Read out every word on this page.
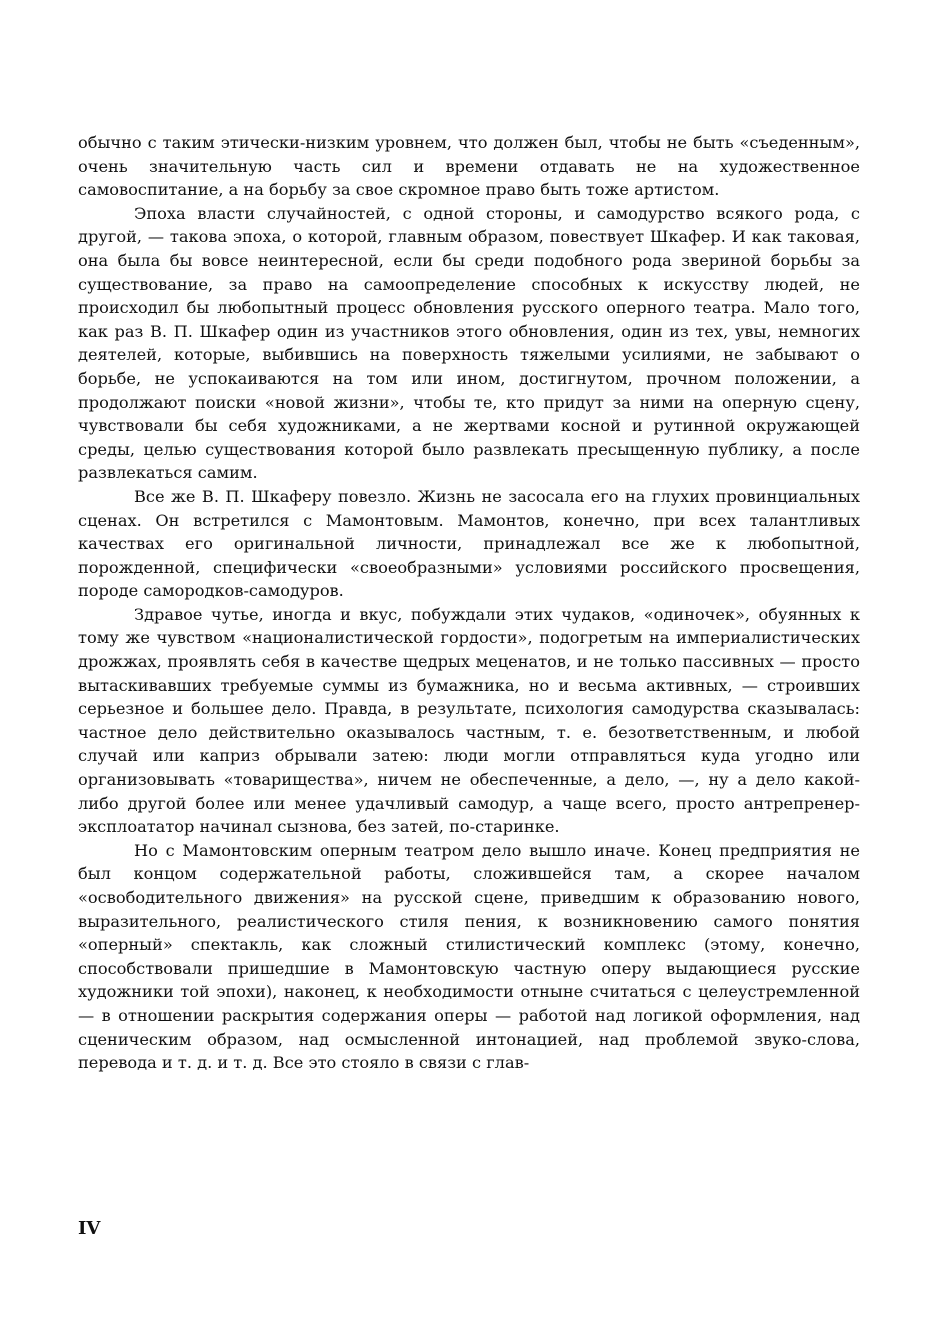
обычно с таким этически-низким уровнем, что должен был, чтобы не быть «съеденным», очень значительную часть сил и времени отдавать не на художественное самовоспитание, а на борьбу за свое скромное право быть тоже артистом.

Эпоха власти случайностей, с одной стороны, и самодурство всякого рода, с другой, — такова эпоха, о которой, главным образом, повествует Шкафер. И как таковая, она была бы вовсе неинтересной, если бы среди подобного рода звериной борьбы за существование, за право на самоопределение способных к искусству людей, не происходил бы любопытный процесс обновления русского оперного театра. Мало того, как раз В. П. Шкафер один из участников этого обновления, один из тех, увы, немногих деятелей, которые, выбившись на поверхность тяжелыми усилиями, не забывают о борьбе, не успокаиваются на том или ином, достигнутом, прочном положении, а продолжают поиски «новой жизни», чтобы те, кто придут за ними на оперную сцену, чувствовали бы себя художниками, а не жертвами косной и рутинной окружающей среды, целью существования которой было развлекать пресыщенную публику, а после развлекаться самим.

Все же В. П. Шкаферу повезло. Жизнь не засосала его на глухих провинциальных сценах. Он встретился с Мамонтовым. Мамонтов, конечно, при всех талантливых качествах его оригинальной личности, принадлежал все же к любопытной, порожденной, специфически «своеобразными» условиями российского просвещения, породе самородков-самодуров.

Здравое чутье, иногда и вкус, побуждали этих чудаков, «одиночек», обуянных к тому же чувством «националистической гордости», подогретым на империалистических дрожжах, проявлять себя в качестве щедрых меценатов, и не только пассивных — просто вытаскивавших требуемые суммы из бумажника, но и весьма активных, — строивших серьезное и большее дело. Правда, в результате, психология самодурства сказывалась: частное дело действительно оказывалось частным, т. е. безответственным, и любой случай или каприз обрывали затею: люди могли отправляться куда угодно или организовывать «товарищества», ничем не обеспеченные, а дело, —, ну а дело какой-либо другой более или менее удачливый самодур, а чаще всего, просто антрепренер-эксплоататор начинал сызнова, без затей, по-старинке.

Но с Мамонтовским оперным театром дело вышло иначе. Конец предприятия не был концом содержательной работы, сложившейся там, а скорее началом «освободительного движения» на русской сцене, приведшим к образованию нового, выразительного, реалистического стиля пения, к возникновению самого понятия «оперный» спектакль, как сложный стилистический комплекс (этому, конечно, способствовали пришедшие в Мамонтовскую частную оперу выдающиеся русские художники той эпохи), наконец, к необходимости отныне считаться с целеустремленной — в отношении раскрытия содержания оперы — работой над логикой оформления, над сценическим образом, над осмысленной интонацией, над проблемой звуко-слова, перевода и т. д. и т. д. Все это стояло в связи с глав-

IV
